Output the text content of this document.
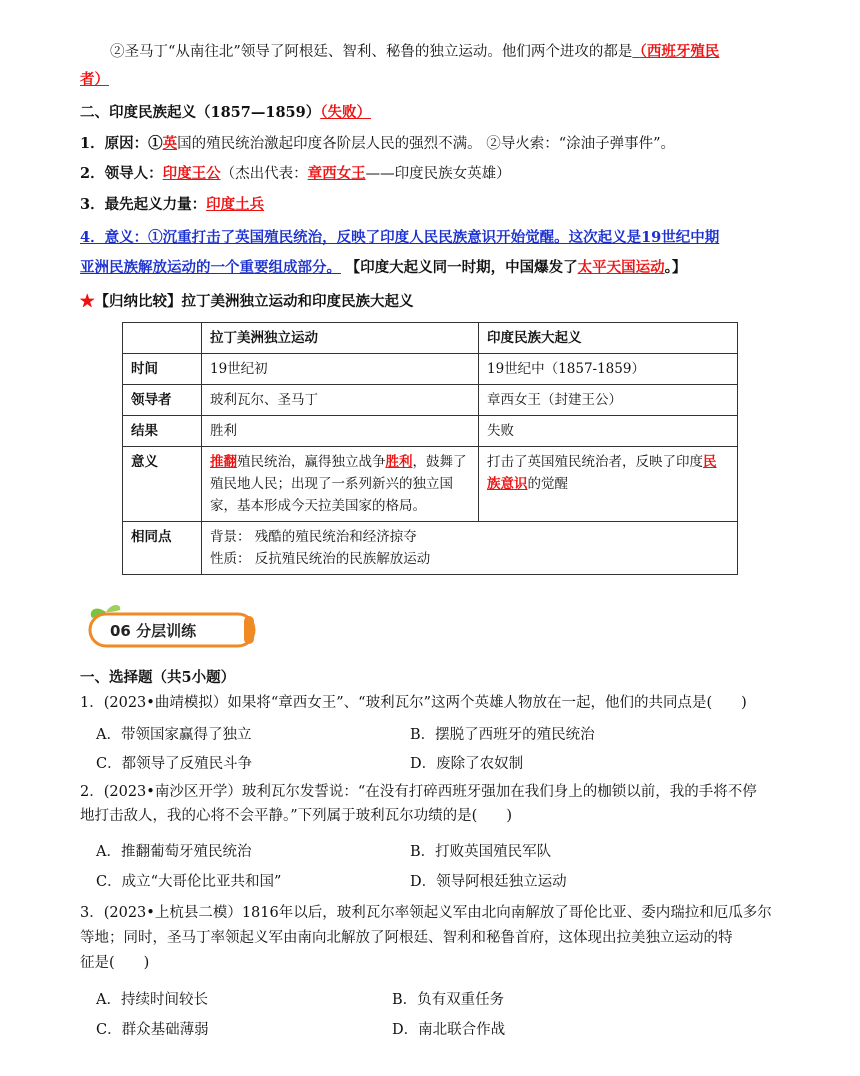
②圣马丁“从南往北”领导了阿根廷、智利、秘鲁的独立运动。他们两个进攻的都是（西班牙殖民
者）
二、印度民族起义（1857—1859）（失败）
1．原因：①英国的殖民统治激起印度各阶层人民的强烈不满。 ②导火索：“涂油子弹事件”。
2．领导人：印度王公（杰出代表：章西女王——印度民族女英雄）
3．最先起义力量：印度土兵
4．意义：①沉重打击了英国殖民统治，反映了印度人民民族意识开始觉醒。这次起义是19世纪中期
亚洲民族解放运动的一个重要组成部分。 【印度大起义同一时期，中国爆发了太平天国运动。】
★【归纳比较】拉丁美洲独立运动和印度民族大起义
	拉丁美洲独立运动	印度民族大起义
时间	19世纪初	19世纪中（1857-1859）
领导者	玻利瓦尔、圣马丁	章西女王（封建王公）
结果	胜利	失败
意义	推翻殖民统治，赢得独立战争胜利，鼓舞了殖民地人民；出现了一系列新兴的独立国家，基本形成今天拉美国家的格局。	打击了英国殖民统治者，反映了印度民族意识的觉醒
相同点	背景： 残酷的殖民统治和经济掠夺
性质： 反抗殖民统治的民族解放运动	
06 分层训练
一、选择题（共5小题）
1．(2023•曲靖模拟）如果将“章西女王”、“玻利瓦尔”这两个英雄人物放在一起，他们的共同点是(　　)
A．带领国家赢得了独立	B．摆脱了西班牙的殖民统治
C．都领导了反殖民斗争	D．废除了农奴制
2．(2023•南沙区开学）玻利瓦尔发誓说：“在没有打碎西班牙强加在我们身上的枷锁以前，我的手将不停
地打击敌人，我的心将不会平静。”下列属于玻利瓦尔功绩的是(　　)
A．推翻葡萄牙殖民统治	B．打败英国殖民军队
C．成立“大哥伦比亚共和国”	D．领导阿根廷独立运动
3．(2023•上杭县二模）1816年以后，玻利瓦尔率领起义军由北向南解放了哥伦比亚、委内瑞拉和厄瓜多尔
等地；同时，圣马丁率领起义军由南向北解放了阿根廷、智利和秘鲁首府，这体现出拉美独立运动的特
征是(　　)
A．持续时间较长	B．负有双重任务
C．群众基础薄弱	D．南北联合作战
